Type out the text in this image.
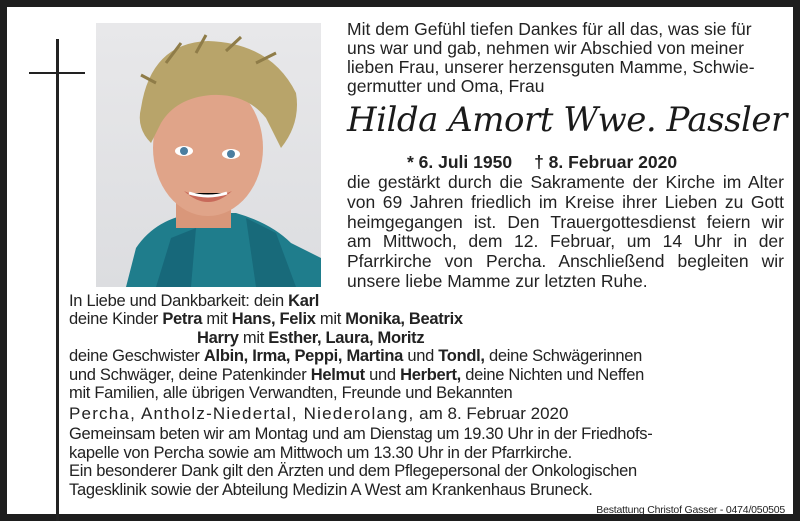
Mit dem Gefühl tiefen Dankes für all das, was sie für
uns war und gab, nehmen wir Abschied von meiner
lieben Frau, unserer herzensguten Mamme, Schwie-
germutter und Oma, Frau
Hilda Amort Wwe. Passler
* 6. Juli 1950 † 8. Februar 2020
die gestärkt durch die Sakramente der Kirche im Alter
von 69 Jahren friedlich im Kreise ihrer Lieben zu Gott
heimgegangen ist. Den Trauergottesdienst feiern wir
am Mittwoch, dem 12. Februar, um 14 Uhr in der
Pfarrkirche von Percha. Anschließend begleiten wir
unsere liebe Mamme zur letzten Ruhe.
In Liebe und Dankbarkeit: dein Karl
deine Kinder Petra mit Hans, Felix mit Monika, Beatrix
Harry mit Esther, Laura, Moritz
deine Geschwister Albin, Irma, Peppi, Martina und Tondl, deine Schwägerinnen
und Schwäger, deine Patenkinder Helmut und Herbert, deine Nichten und Neffen
mit Familien, alle übrigen Verwandten, Freunde und Bekannten
Percha, Antholz-Niedertal, Niederolang, am 8. Februar 2020
Gemeinsam beten wir am Montag und am Dienstag um 19.30 Uhr in der Friedhofs-
kapelle von Percha sowie am Mittwoch um 13.30 Uhr in der Pfarrkirche.
Ein besonderer Dank gilt den Ärzten und dem Pflegepersonal der Onkologischen
Tagesklinik sowie der Abteilung Medizin A West am Krankenhaus Bruneck.
Bestattung Christof Gasser - 0474/050505
